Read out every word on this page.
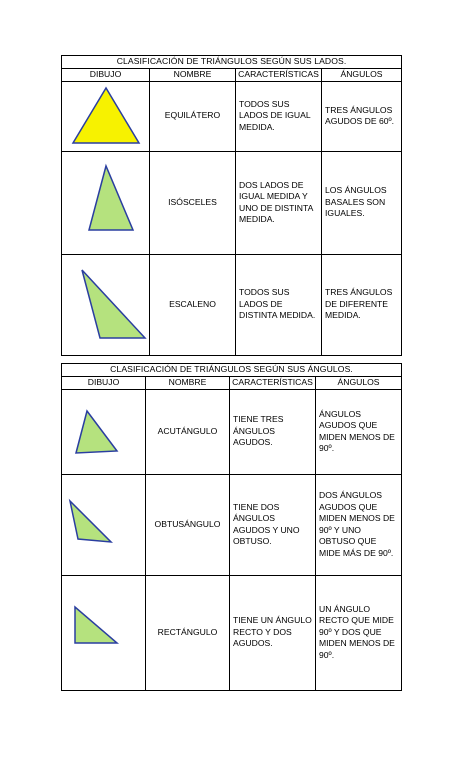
CLASIFICACIÓN DE TRIÁNGULOS SEGÚN SUS LADOS.			
DIBUJO	NOMBRE	CARACTERÍSTICAS	ÁNGULOS

	EQUILÁTERO	TODOS SUS LADOS DE IGUAL MEDIDA.	TRES ÁNGULOS AGUDOS DE 60º.

	ISÓSCELES	DOS LADOS DE IGUAL MEDIDA Y UNO DE DISTINTA MEDIDA.	LOS ÁNGULOS BASALES SON IGUALES.

	ESCALENO	TODOS SUS LADOS DE DISTINTA MEDIDA.	TRES ÁNGULOS DE DIFERENTE MEDIDA.
CLASIFICACIÓN DE TRIÁNGULOS SEGÚN SUS ÁNGULOS.			
DIBUJO	NOMBRE	CARACTERÍSTICAS	ÁNGULOS

	ACUTÁNGULO	TIENE TRES ÁNGULOS AGUDOS.	ÁNGULOS AGUDOS QUE MIDEN MENOS DE 90º.

	OBTUSÁNGULO	TIENE DOS ÁNGULOS AGUDOS Y UNO OBTUSO.	DOS ÁNGULOS AGUDOS QUE MIDEN MENOS DE 90º Y UNO OBTUSO QUE MIDE MÁS DE 90º.

	RECTÁNGULO	TIENE UN ÁNGULO RECTO Y DOS AGUDOS.	UN ÁNGULO RECTO QUE MIDE 90º Y DOS QUE MIDEN MENOS DE 90º.
